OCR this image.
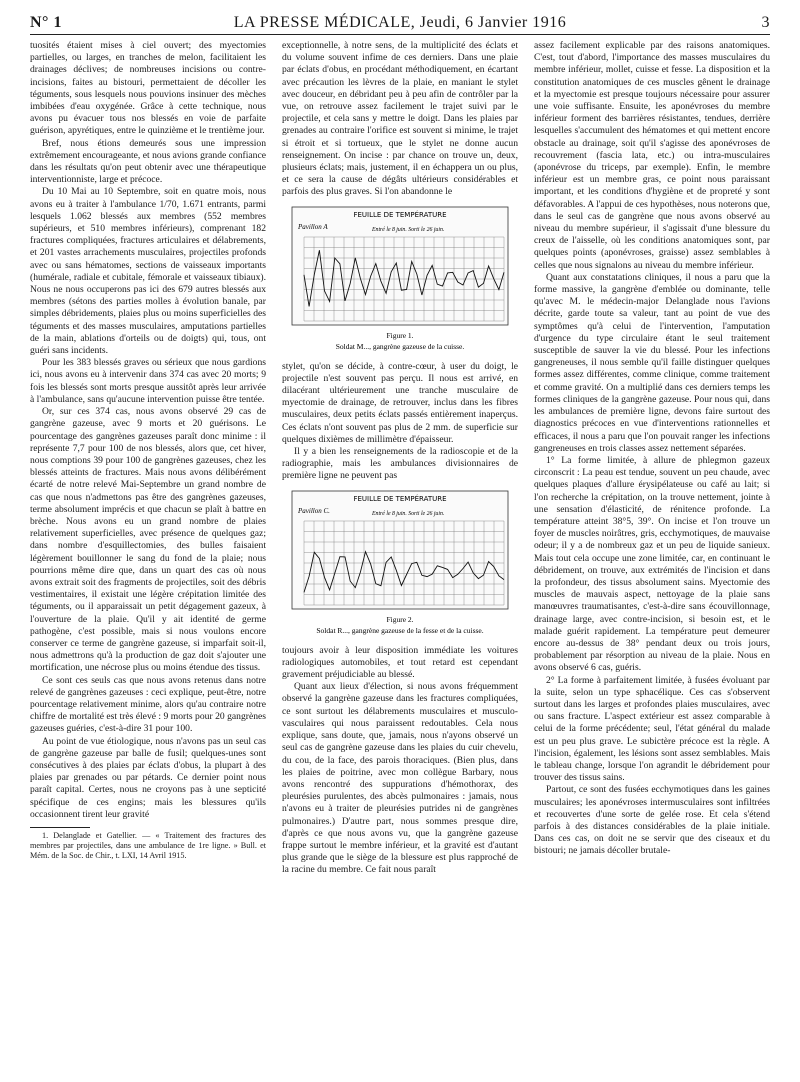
N° 1	LA PRESSE MÉDICALE, Jeudi, 6 Janvier 1916	3

tuosités étaient mises à ciel ouvert; des myectomies partielles, ou larges, en tranches de melon, facilitaient les drainages déclives; de nombreuses incisions ou contre-incisions, faites au bistouri, permettaient de décoller les téguments, sous lesquels nous pouvions insinuer des mèches imbibées d'eau oxygénée. Grâce à cette technique, nous avons pu évacuer tous nos blessés en voie de parfaite guérison, apyrétiques, entre le quinzième et le trentième jour.

Bref, nous étions demeurés sous une impression extrêmement encourageante, et nous avions grande confiance dans les résultats qu'on peut obtenir avec une thérapeutique interventionniste, large et précoce.

Du 10 Mai au 10 Septembre, soit en quatre mois, nous avons eu à traiter à l'ambulance 1/70, 1.671 entrants, parmi lesquels 1.062 blessés aux membres (552 membres supérieurs, et 510 membres inférieurs), comprenant 182 fractures compliquées, fractures articulaires et délabrements, et 201 vastes arrachements musculaires, projectiles profonds avec ou sans hématomes, sections de vaisseaux importants (humérale, radiale et cubitale, fémorale et vaisseaux tibiaux). Nous ne nous occuperons pas ici des 679 autres blessés aux membres (sétons des parties molles à évolution banale, par simples débridements, plaies plus ou moins superficielles des téguments et des masses musculaires, amputations partielles de la main, ablations d'orteils ou de doigts) qui, tous, ont guéri sans incidents.

Pour les 383 blessés graves ou sérieux que nous gardions ici, nous avons eu à intervenir dans 374 cas avec 20 morts; 9 fois les blessés sont morts presque aussitôt après leur arrivée à l'ambulance, sans qu'aucune intervention puisse être tentée.

Or, sur ces 374 cas, nous avons observé 29 cas de gangrène gazeuse, avec 9 morts et 20 guérisons. Le pourcentage des gangrènes gazeuses paraît donc minime : il représente 7,7 pour 100 de nos blessés, alors que, cet hiver, nous comptions 39 pour 100 de gangrènes gazeuses, chez les blessés atteints de fractures. Mais nous avons délibérément écarté de notre relevé Mai-Septembre un grand nombre de cas que nous n'admettons pas être des gangrènes gazeuses, terme absolument imprécis et que chacun se plaît à battre en brèche. Nous avons eu un grand nombre de plaies relativement superficielles, avec présence de quelques gaz; dans nombre d'esquillectomies, des bulles faisaient légèrement bouillonner le sang du fond de la plaie; nous pourrions même dire que, dans un quart des cas où nous avons extrait soit des fragments de projectiles, soit des débris vestimentaires, il existait une légère crépitation limitée des téguments, ou il apparaissait un petit dégagement gazeux, à l'ouverture de la plaie. Qu'il y ait identité de germe pathogène, c'est possible, mais si nous voulons encore conserver ce terme de gangrène gazeuse, si imparfait soit-il, nous admettrons qu'à la production de gaz doit s'ajouter une mortification, une nécrose plus ou moins étendue des tissus.

Ce sont ces seuls cas que nous avons retenus dans notre relevé de gangrènes gazeuses : ceci explique, peut-être, notre pourcentage relativement minime, alors qu'au contraire notre chiffre de mortalité est très élevé : 9 morts pour 20 gangrènes gazeuses guéries, c'est-à-dire 31 pour 100.

Au point de vue étiologique, nous n'avons pas un seul cas de gangrène gazeuse par balle de fusil; quelques-unes sont consécutives à des plaies par éclats d'obus, la plupart à des plaies par grenades ou par pétards. Ce dernier point nous paraît capital. Certes, nous ne croyons pas à une septicité spécifique de ces engins; mais les blessures qu'ils occasionnent tirent leur gravité

1. Delanglade et Gatellier. — « Traitement des fractures des membres par projectiles, dans une ambulance de 1re ligne. » Bull. et Mém. de la Soc. de Chir., t. LXI, 14 Avril 1915.

exceptionnelle, à notre sens, de la multiplicité des éclats et du volume souvent infime de ces derniers. Dans une plaie par éclats d'obus, en procédant méthodiquement, en écartant avec précaution les lèvres de la plaie, en maniant le stylet avec douceur, en débridant peu à peu afin de contrôler par la vue, on retrouve assez facilement le trajet suivi par le projectile, et cela sans y mettre le doigt. Dans les plaies par grenades au contraire l'orifice est souvent si minime, le trajet si étroit et si tortueux, que le stylet ne donne aucun renseignement. On incise : par chance on trouve un, deux, plusieurs éclats; mais, justement, il en échappera un ou plus, et ce sera la cause de dégâts ultérieurs considérables et parfois des plus graves. Si l'on abandonne le

FEUILLE DE TEMPÉRATURE
Pavillon A	Entré le 8 juin. Sorti le 26 juin.
Figure 1.
Soldat M..., gangrène gazeuse de la cuisse.

stylet, qu'on se décide, à contre-cœur, à user du doigt, le projectile n'est souvent pas perçu. Il nous est arrivé, en dilacérant ultérieurement une tranche musculaire de myectomie de drainage, de retrouver, inclus dans les fibres musculaires, deux petits éclats passés entièrement inaperçus. Ces éclats n'ont souvent pas plus de 2 mm. de superficie sur quelques dixièmes de millimètre d'épaisseur.

Il y a bien les renseignements de la radioscopie et de la radiographie, mais les ambulances divisionnaires de première ligne ne peuvent pas

FEUILLE DE TEMPÉRATURE
Pavillon C.	Entré le 8 juin. Sorti le 26 juin.
Figure 2.
Soldat R..., gangrène gazeuse de la fesse et de la cuisse.

toujours avoir à leur disposition immédiate les voitures radiologiques automobiles, et tout retard est cependant gravement préjudiciable au blessé.

Quant aux lieux d'élection, si nous avons fréquemment observé la gangrène gazeuse dans les fractures compliquées, ce sont surtout les délabrements musculaires et musculo-vasculaires qui nous paraissent redoutables. Cela nous explique, sans doute, que, jamais, nous n'ayons observé un seul cas de gangrène gazeuse dans les plaies du cuir chevelu, du cou, de la face, des parois thoraciques. (Bien plus, dans les plaies de poitrine, avec mon collègue Barbary, nous avons rencontré des suppurations d'hémothorax, des pleurésies purulentes, des abcès pulmonaires : jamais, nous n'avons eu à traiter de pleurésies putrides ni de gangrènes pulmonaires.) D'autre part, nous sommes presque dire, d'après ce que nous avons vu, que la gangrène gazeuse frappe surtout le membre inférieur, et la gravité est d'autant plus grande que le siège de la blessure est plus rapproché de la racine du membre. Ce fait nous paraît

assez facilement explicable par des raisons anatomiques. C'est, tout d'abord, l'importance des masses musculaires du membre inférieur, mollet, cuisse et fesse. La disposition et la constitution anatomiques de ces muscles gênent le drainage et la myectomie est presque toujours nécessaire pour assurer une voie suffisante. Ensuite, les aponévroses du membre inférieur forment des barrières résistantes, tendues, derrière lesquelles s'accumulent des hématomes et qui mettent encore obstacle au drainage, soit qu'il s'agisse des aponévroses de recouvrement (fascia lata, etc.) ou intra-musculaires (aponévrose du triceps, par exemple). Enfin, le membre inférieur est un membre gras, ce point nous paraissant important, et les conditions d'hygiène et de propreté y sont défavorables. A l'appui de ces hypothèses, nous noterons que, dans le seul cas de gangrène que nous avons observé au niveau du membre supérieur, il s'agissait d'une blessure du creux de l'aisselle, où les conditions anatomiques sont, par quelques points (aponévroses, graisse) assez semblables à celles que nous signalons au niveau du membre inférieur.

Quant aux constatations cliniques, il nous a paru que la forme massive, la gangrène d'emblée ou dominante, telle qu'avec M. le médecin-major Delanglade nous l'avions décrite, garde toute sa valeur, tant au point de vue des symptômes qu'à celui de l'intervention, l'amputation d'urgence du type circulaire étant le seul traitement susceptible de sauver la vie du blessé. Pour les infections gangreneuses, il nous semble qu'il faille distinguer quelques formes assez différentes, comme clinique, comme traitement et comme gravité. On a multiplié dans ces derniers temps les formes cliniques de la gangrène gazeuse. Pour nous qui, dans les ambulances de première ligne, devons faire surtout des diagnostics précoces en vue d'interventions rationnelles et efficaces, il nous a paru que l'on pouvait ranger les infections gangreneuses en trois classes assez nettement séparées.

1° La forme limitée, à allure de phlegmon gazeux circonscrit : La peau est tendue, souvent un peu chaude, avec quelques plaques d'allure érysipélateuse ou café au lait; si l'on recherche la crépitation, on la trouve nettement, jointe à une sensation d'élasticité, de rénitence profonde. La température atteint 38°5, 39°. On incise et l'on trouve un foyer de muscles noirâtres, gris, ecchymotiques, de mauvaise odeur; il y a de nombreux gaz et un peu de liquide sanieux. Mais tout cela occupe une zone limitée, car, en continuant le débridement, on trouve, aux extrémités de l'incision et dans la profondeur, des tissus absolument sains. Myectomie des muscles de mauvais aspect, nettoyage de la plaie sans manœuvres traumatisantes, c'est-à-dire sans écouvillonnage, drainage large, avec contre-incision, si besoin est, et le malade guérit rapidement. La température peut demeurer encore au-dessus de 38° pendant deux ou trois jours, probablement par résorption au niveau de la plaie. Nous en avons observé 6 cas, guéris.

2° La forme à parfaitement limitée, à fusées évoluant par la suite, selon un type sphacélique. Ces cas s'observent surtout dans les larges et profondes plaies musculaires, avec ou sans fracture. L'aspect extérieur est assez comparable à celui de la forme précédente; seul, l'état général du malade est un peu plus grave. Le subictère précoce est la règle. A l'incision, également, les lésions sont assez semblables. Mais le tableau change, lorsque l'on agrandit le débridement pour trouver des tissus sains.

Partout, ce sont des fusées ecchymotiques dans les gaines musculaires; les aponévroses intermusculaires sont infiltrées et recouvertes d'une sorte de gelée rose. Et cela s'étend parfois à des distances considérables de la plaie initiale. Dans ces cas, on doit ne se servir que des ciseaux et du bistouri; ne jamais décoller brutale-
